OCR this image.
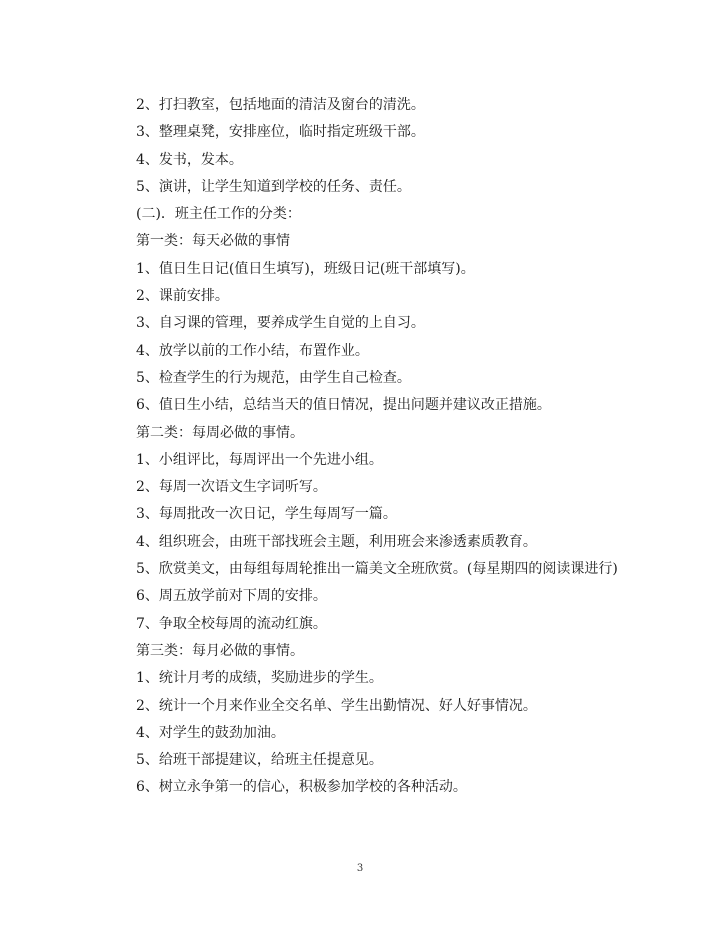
2、打扫教室，包括地面的清洁及窗台的清洗。
3、整理桌凳，安排座位，临时指定班级干部。
4、发书，发本。
5、演讲，让学生知道到学校的任务、责任。
(二)．班主任工作的分类：
第一类：每天必做的事情
1、值日生日记(值日生填写)，班级日记(班干部填写)。
2、课前安排。
3、自习课的管理，要养成学生自觉的上自习。
4、放学以前的工作小结，布置作业。
5、检查学生的行为规范，由学生自己检查。
6、值日生小结，总结当天的值日情况，提出问题并建议改正措施。
第二类：每周必做的事情。
1、小组评比，每周评出一个先进小组。
2、每周一次语文生字词听写。
3、每周批改一次日记，学生每周写一篇。
4、组织班会，由班干部找班会主题，利用班会来渗透素质教育。
5、欣赏美文，由每组每周轮推出一篇美文全班欣赏。(每星期四的阅读课进行)
6、周五放学前对下周的安排。
7、争取全校每周的流动红旗。
第三类：每月必做的事情。
1、统计月考的成绩，奖励进步的学生。
2、统计一个月来作业全交名单、学生出勤情况、好人好事情况。
4、对学生的鼓劲加油。
5、给班干部提建议，给班主任提意见。
6、树立永争第一的信心，积极参加学校的各种活动。
3
